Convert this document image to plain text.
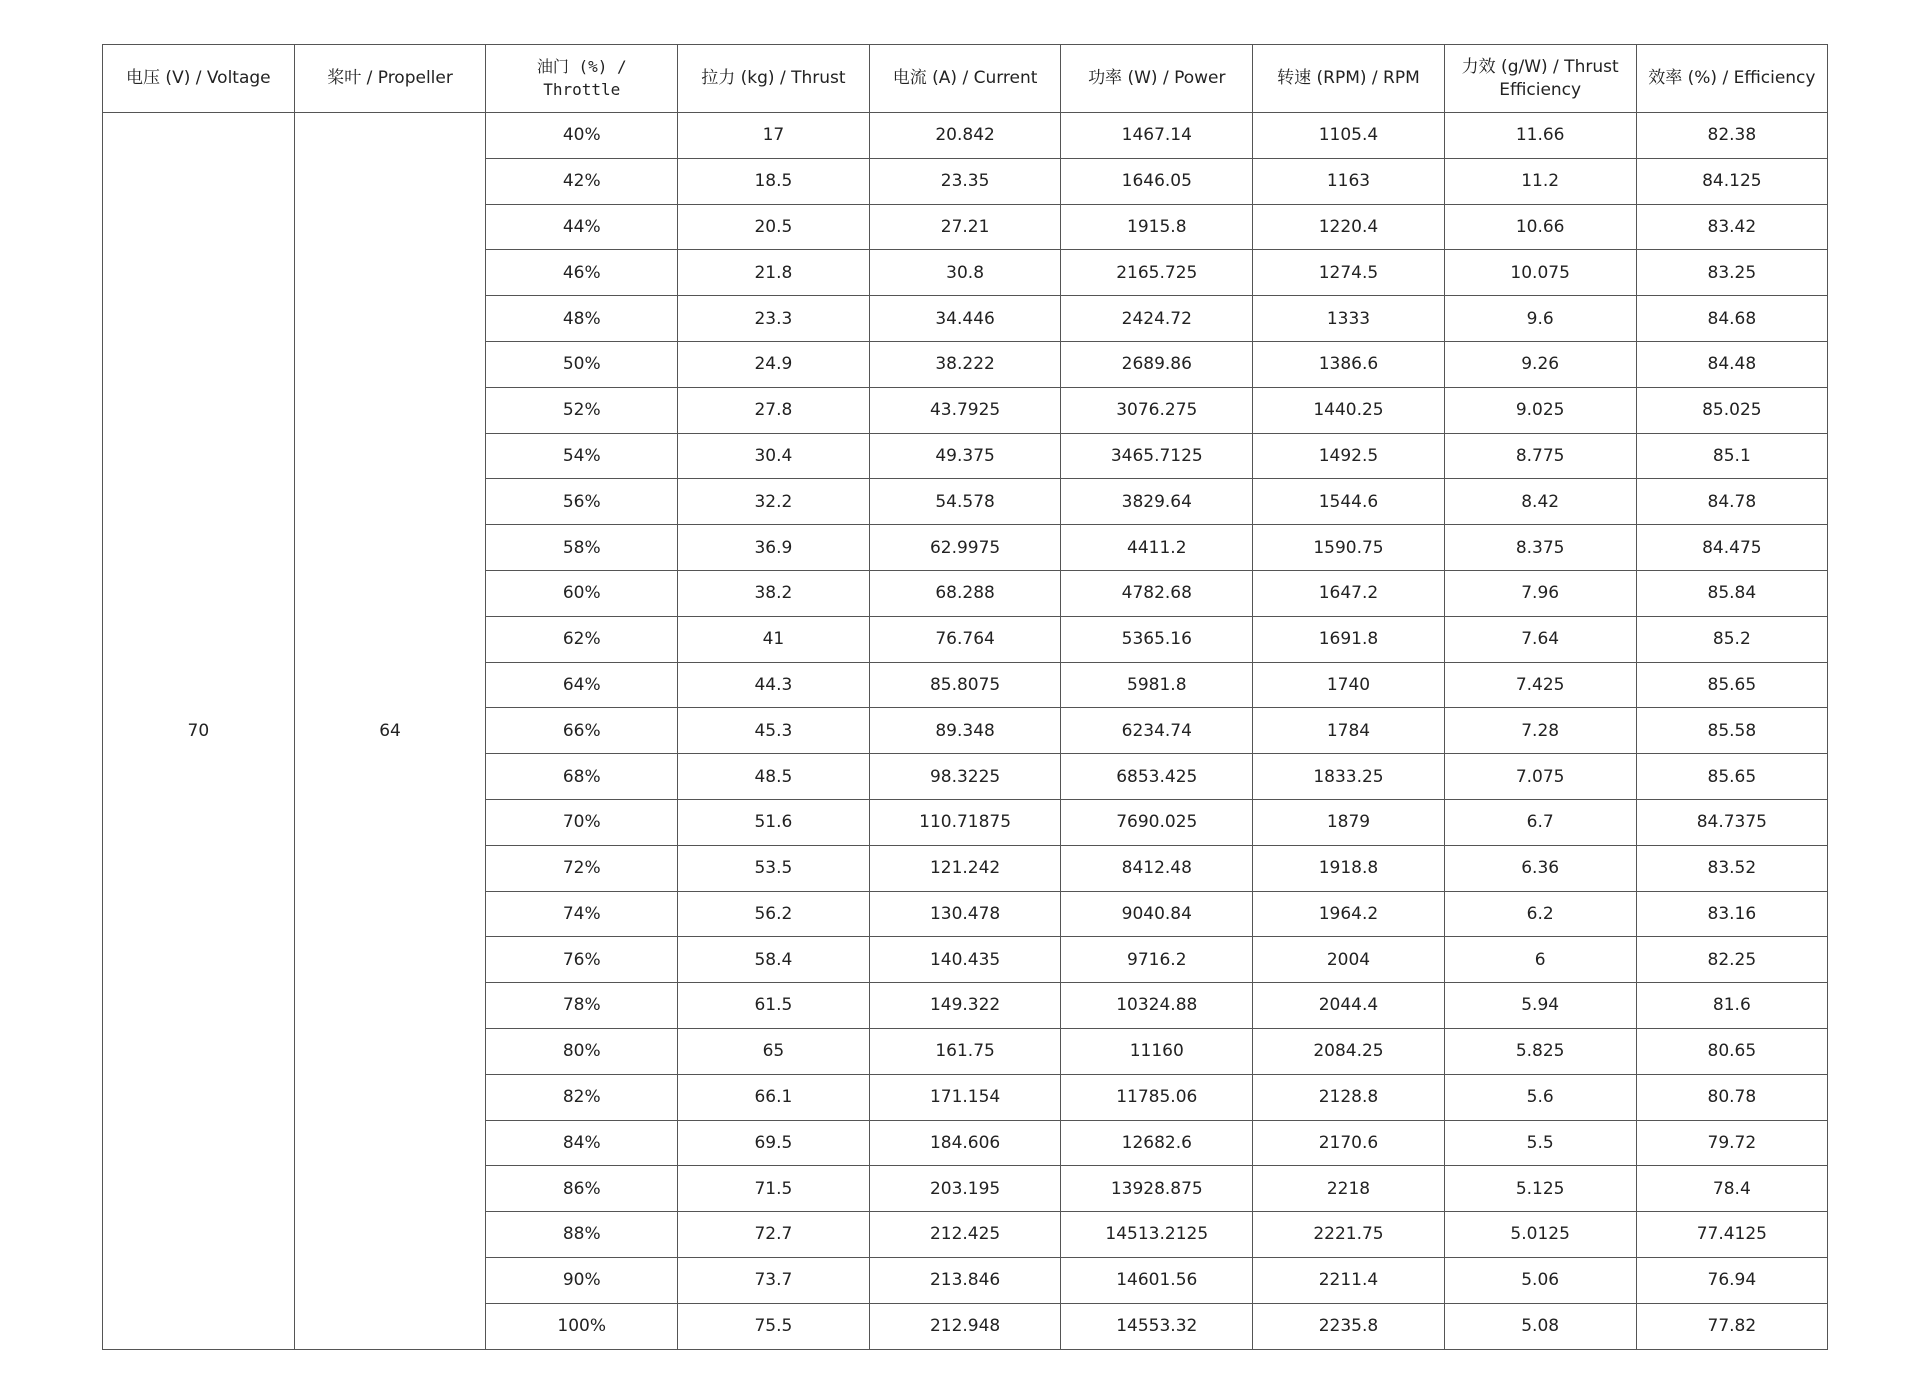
电压 (V) / Voltage	桨叶 / Propeller	油门 (%) /
Throttle	拉力 (kg) / Thrust	电流 (A) / Current	功率 (W) / Power	转速 (RPM) / RPM	力效 (g/W) / Thrust Efficiency	效率 (%) / Efficiency
70	64	40%	17	20.842	1467.14	1105.4	11.66	82.38
		42%	18.5	23.35	1646.05	1163	11.2	84.125
		44%	20.5	27.21	1915.8	1220.4	10.66	83.42
		46%	21.8	30.8	2165.725	1274.5	10.075	83.25
		48%	23.3	34.446	2424.72	1333	9.6	84.68
		50%	24.9	38.222	2689.86	1386.6	9.26	84.48
		52%	27.8	43.7925	3076.275	1440.25	9.025	85.025
		54%	30.4	49.375	3465.7125	1492.5	8.775	85.1
		56%	32.2	54.578	3829.64	1544.6	8.42	84.78
		58%	36.9	62.9975	4411.2	1590.75	8.375	84.475
		60%	38.2	68.288	4782.68	1647.2	7.96	85.84
		62%	41	76.764	5365.16	1691.8	7.64	85.2
		64%	44.3	85.8075	5981.8	1740	7.425	85.65
		66%	45.3	89.348	6234.74	1784	7.28	85.58
		68%	48.5	98.3225	6853.425	1833.25	7.075	85.65
		70%	51.6	110.71875	7690.025	1879	6.7	84.7375
		72%	53.5	121.242	8412.48	1918.8	6.36	83.52
		74%	56.2	130.478	9040.84	1964.2	6.2	83.16
		76%	58.4	140.435	9716.2	2004	6	82.25
		78%	61.5	149.322	10324.88	2044.4	5.94	81.6
		80%	65	161.75	11160	2084.25	5.825	80.65
		82%	66.1	171.154	11785.06	2128.8	5.6	80.78
		84%	69.5	184.606	12682.6	2170.6	5.5	79.72
		86%	71.5	203.195	13928.875	2218	5.125	78.4
		88%	72.7	212.425	14513.2125	2221.75	5.0125	77.4125
		90%	73.7	213.846	14601.56	2211.4	5.06	76.94
		100%	75.5	212.948	14553.32	2235.8	5.08	77.82
